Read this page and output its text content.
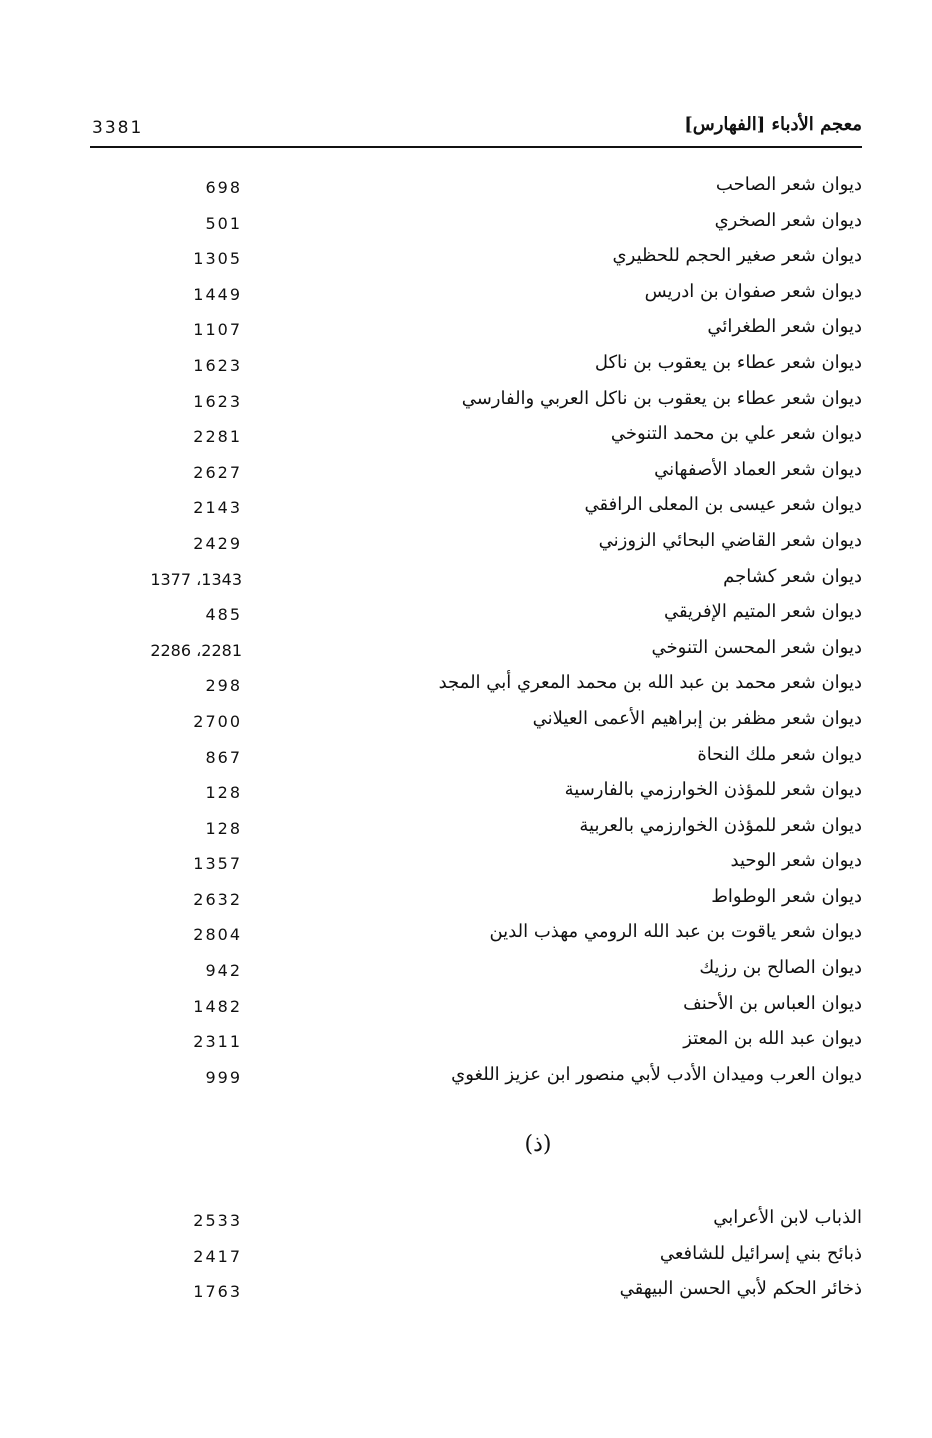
3381	معجم الأدباء [الفهارس]
ديوان شعر الصاحب
698
ديوان شعر الصخري
501
ديوان شعر صغير الحجم للحظيري
1305
ديوان شعر صفوان بن ادريس
1449
ديوان شعر الطغرائي
1107
ديوان شعر عطاء بن يعقوب بن ناكل
1623
ديوان شعر عطاء بن يعقوب بن ناكل العربي والفارسي
1623
ديوان شعر علي بن محمد التنوخي
2281
ديوان شعر العماد الأصفهاني
2627
ديوان شعر عيسى بن المعلى الرافقي
2143
ديوان شعر القاضي البحائي الزوزني
2429
ديوان شعر كشاجم
1343، 1377
ديوان شعر المتيم الإفريقي
485
ديوان شعر المحسن التنوخي
2281، 2286
ديوان شعر محمد بن عبد الله بن محمد المعري أبي المجد
298
ديوان شعر مظفر بن إبراهيم الأعمى العيلاني
2700
ديوان شعر ملك النحاة
867
ديوان شعر للمؤذن الخوارزمي بالفارسية
128
ديوان شعر للمؤذن الخوارزمي بالعربية
128
ديوان شعر الوحيد
1357
ديوان شعر الوطواط
2632
ديوان شعر ياقوت بن عبد الله الرومي مهذب الدين
2804
ديوان الصالح بن رزيك
942
ديوان العباس بن الأحنف
1482
ديوان عبد الله بن المعتز
2311
ديوان العرب وميدان الأدب لأبي منصور ابن عزيز اللغوي
999
(ذ)
الذباب لابن الأعرابي
2533
ذبائح بني إسرائيل للشافعي
2417
ذخائر الحكم لأبي الحسن البيهقي
1763
